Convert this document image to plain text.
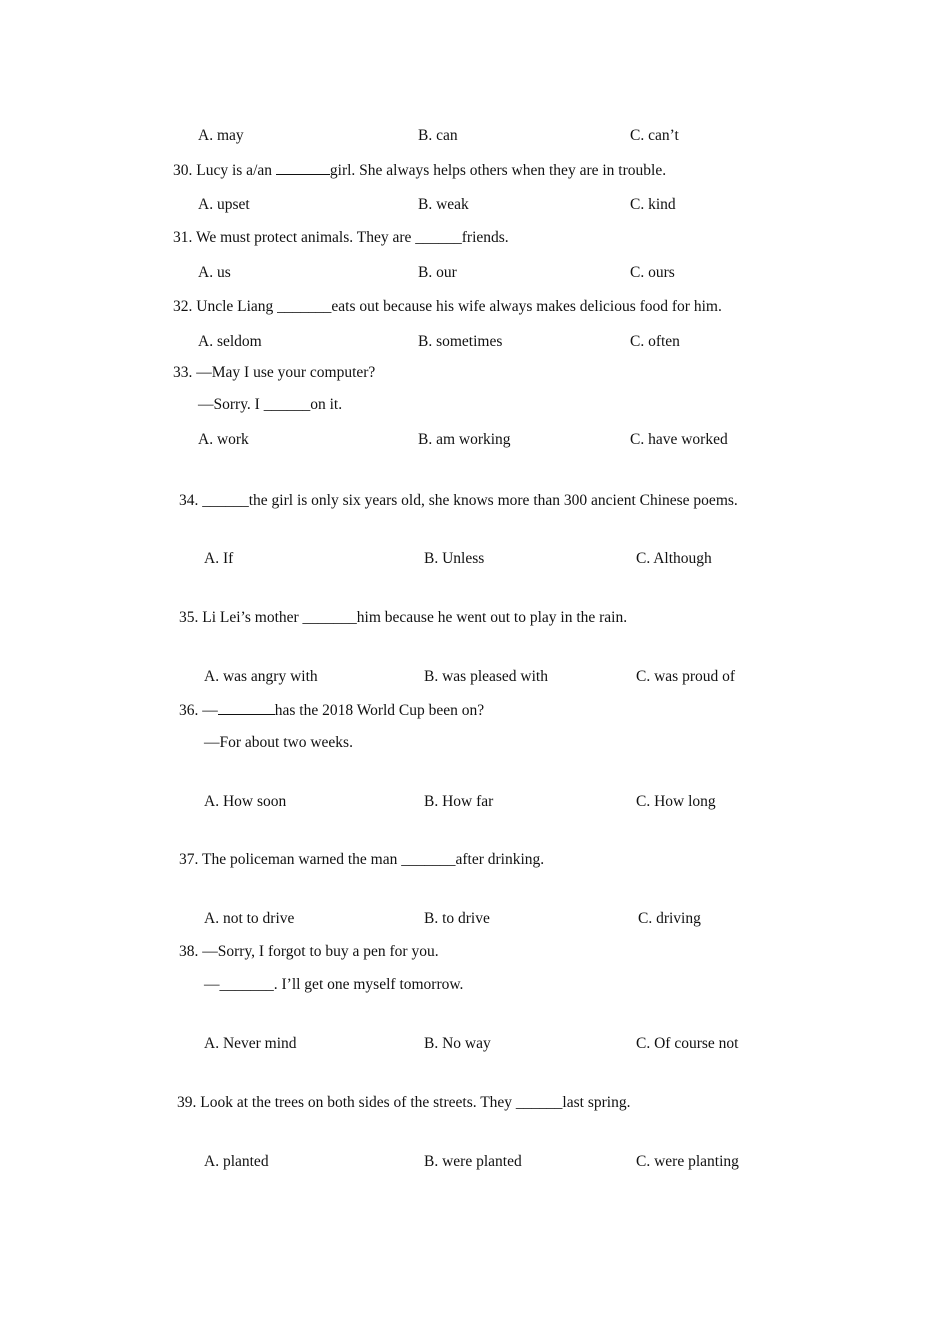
A. may	B. can	C. can’t
30. Lucy is a/an	girl. She always helps others when they are in trouble.
A. upset	B. weak	C. kind
31. We must protect animals. They are ______friends.
A. us	B. our	C. ours
32. Uncle Liang _______eats out because his wife always makes delicious food for him.
A. seldom	B. sometimes	C. often
33. ―May I use your computer?
―Sorry. I ______on it.
A. work	B. am working	C. have worked
34. ______the girl is only six years old, she knows more than 300 ancient Chinese poems.
A. If	B. Unless	C. Although
35. Li Lei’s mother _______him because he went out to play in the rain.
A. was angry with	B. was pleased with	C. was proud of
36. ―	has the 2018 World Cup been on?
―For about two weeks.
A. How soon	B. How far	C. How long
37. The policeman warned the man _______after drinking.
A. not to drive	B. to drive	C. driving
38. ―Sorry, I forgot to buy a pen for you.
―_______. I’ll get one myself tomorrow.
A. Never mind	B. No way	C. Of course not
39. Look at the trees on both sides of the streets. They ______last spring.
A. planted	B. were planted	C. were planting
